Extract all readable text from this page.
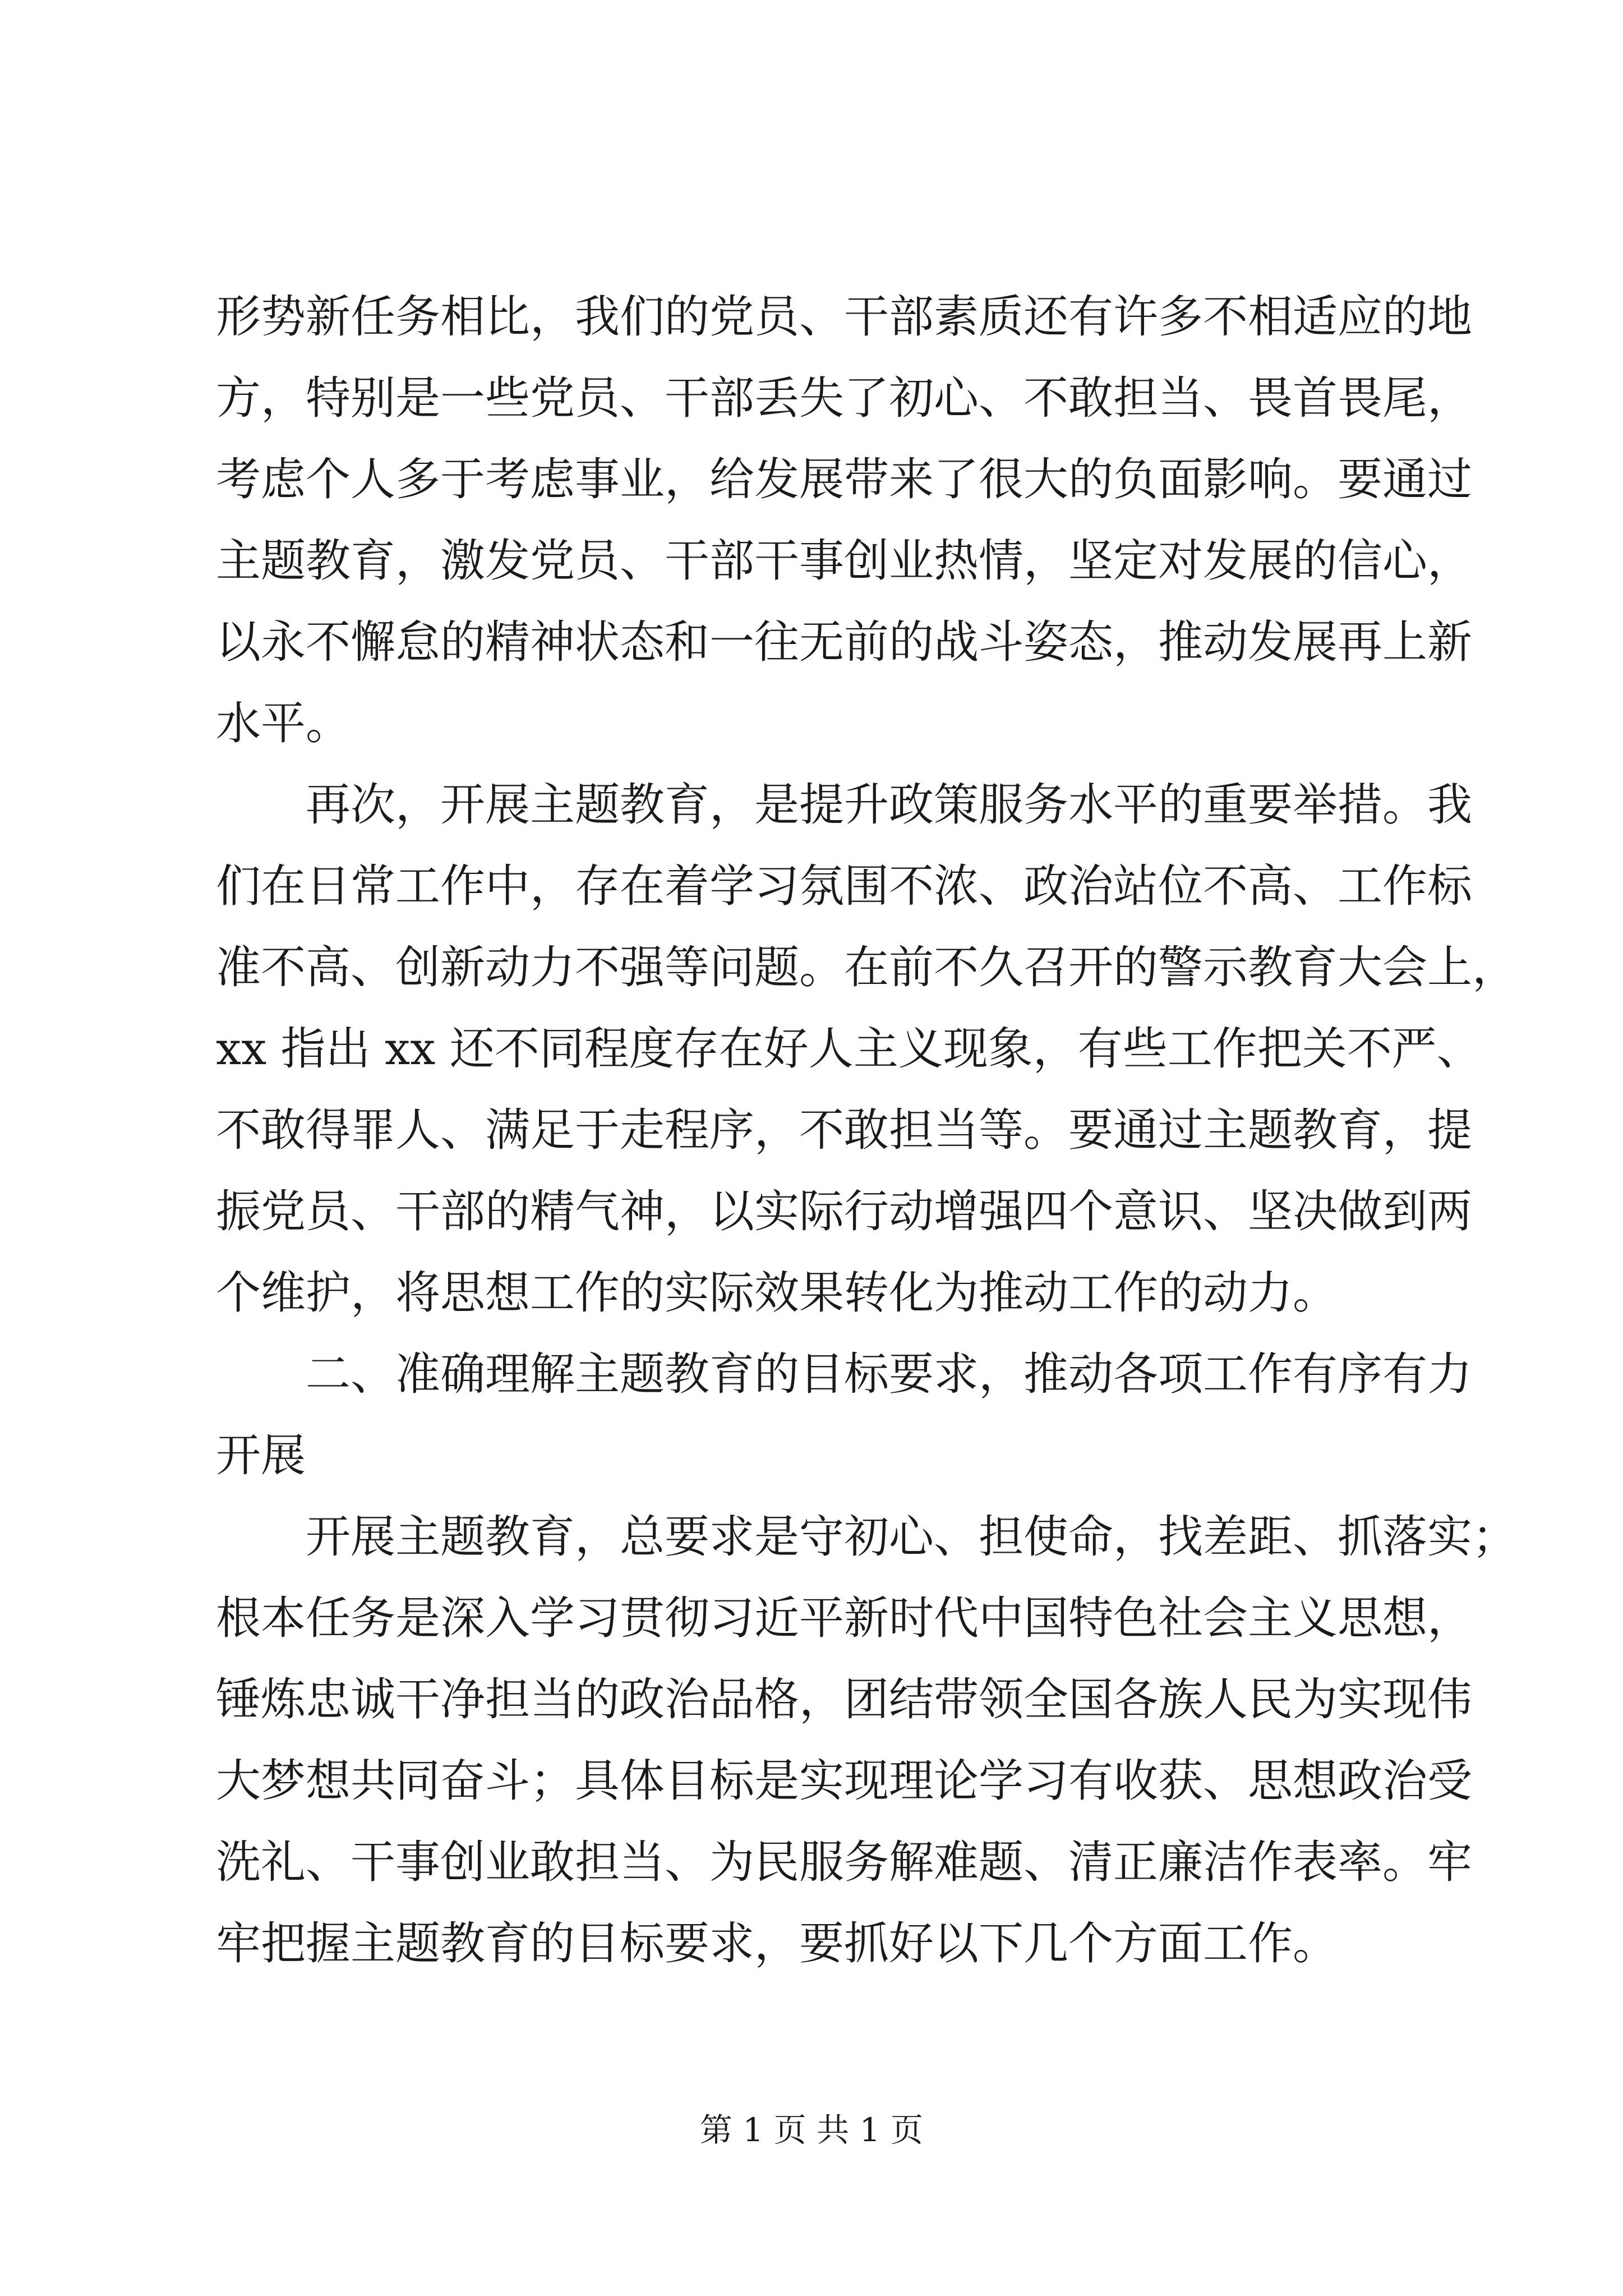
形势新任务相比，我们的党员、干部素质还有许多不相适应的地
方，特别是一些党员、干部丢失了初心、不敢担当、畏首畏尾，
考虑个人多于考虑事业，给发展带来了很大的负面影响。要通过
主题教育，激发党员、干部干事创业热情，坚定对发展的信心，
以永不懈怠的精神状态和一往无前的战斗姿态，推动发展再上新
水平。
再次，开展主题教育，是提升政策服务水平的重要举措。我
们在日常工作中，存在着学习氛围不浓、政治站位不高、工作标
准不高、创新动力不强等问题。在前不久召开的警示教育大会上，
xx 指出 xx 还不同程度存在好人主义现象，有些工作把关不严、
不敢得罪人、满足于走程序，不敢担当等。要通过主题教育，提
振党员、干部的精气神，以实际行动增强四个意识、坚决做到两
个维护，将思想工作的实际效果转化为推动工作的动力。
二、准确理解主题教育的目标要求，推动各项工作有序有力
开展
开展主题教育，总要求是守初心、担使命，找差距、抓落实；
根本任务是深入学习贯彻习近平新时代中国特色社会主义思想，
锤炼忠诚干净担当的政治品格，团结带领全国各族人民为实现伟
大梦想共同奋斗；具体目标是实现理论学习有收获、思想政治受
洗礼、干事创业敢担当、为民服务解难题、清正廉洁作表率。牢
牢把握主题教育的目标要求，要抓好以下几个方面工作。
第 1 页 共 1 页
